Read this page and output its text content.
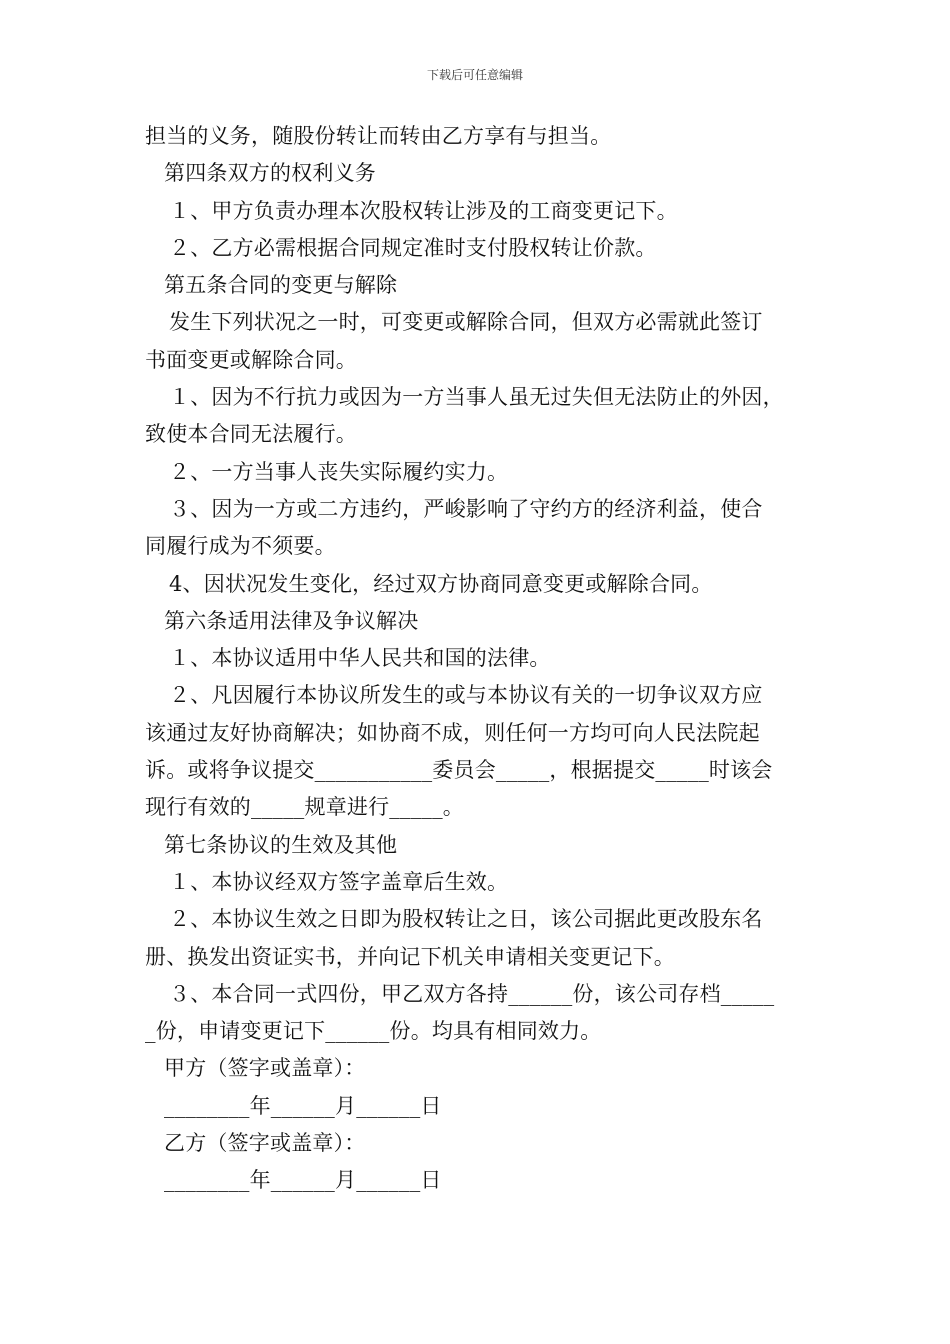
下载后可任意编辑
担当的义务，随股份转让而转由乙方享有与担当。
第四条双方的权利义务
１、甲方负责办理本次股权转让涉及的工商变更记下。
２、乙方必需根据合同规定准时支付股权转让价款。
第五条合同的变更与解除
发生下列状况之一时，可变更或解除合同，但双方必需就此签订
书面变更或解除合同。
１、因为不行抗力或因为一方当事人虽无过失但无法防止的外因，
致使本合同无法履行。
２、一方当事人丧失实际履约实力。
３、因为一方或二方违约，严峻影响了守约方的经济利益，使合
同履行成为不须要。
4、因状况发生变化，经过双方协商同意变更或解除合同。
第六条适用法律及争议解决
１、本协议适用中华人民共和国的法律。
２、凡因履行本协议所发生的或与本协议有关的一切争议双方应
该通过友好协商解决；如协商不成，则任何一方均可向人民法院起
诉。或将争议提交___________委员会_____，根据提交_____时该会
现行有效的_____规章进行_____。
第七条协议的生效及其他
１、本协议经双方签字盖章后生效。
２、本协议生效之日即为股权转让之日，该公司据此更改股东名
册、换发出资证实书，并向记下机关申请相关变更记下。
３、本合同一式四份，甲乙双方各持______份，该公司存档_____
_份，申请变更记下______份。均具有相同效力。
甲方（签字或盖章）：
________年______月______日
乙方（签字或盖章）：
________年______月______日
